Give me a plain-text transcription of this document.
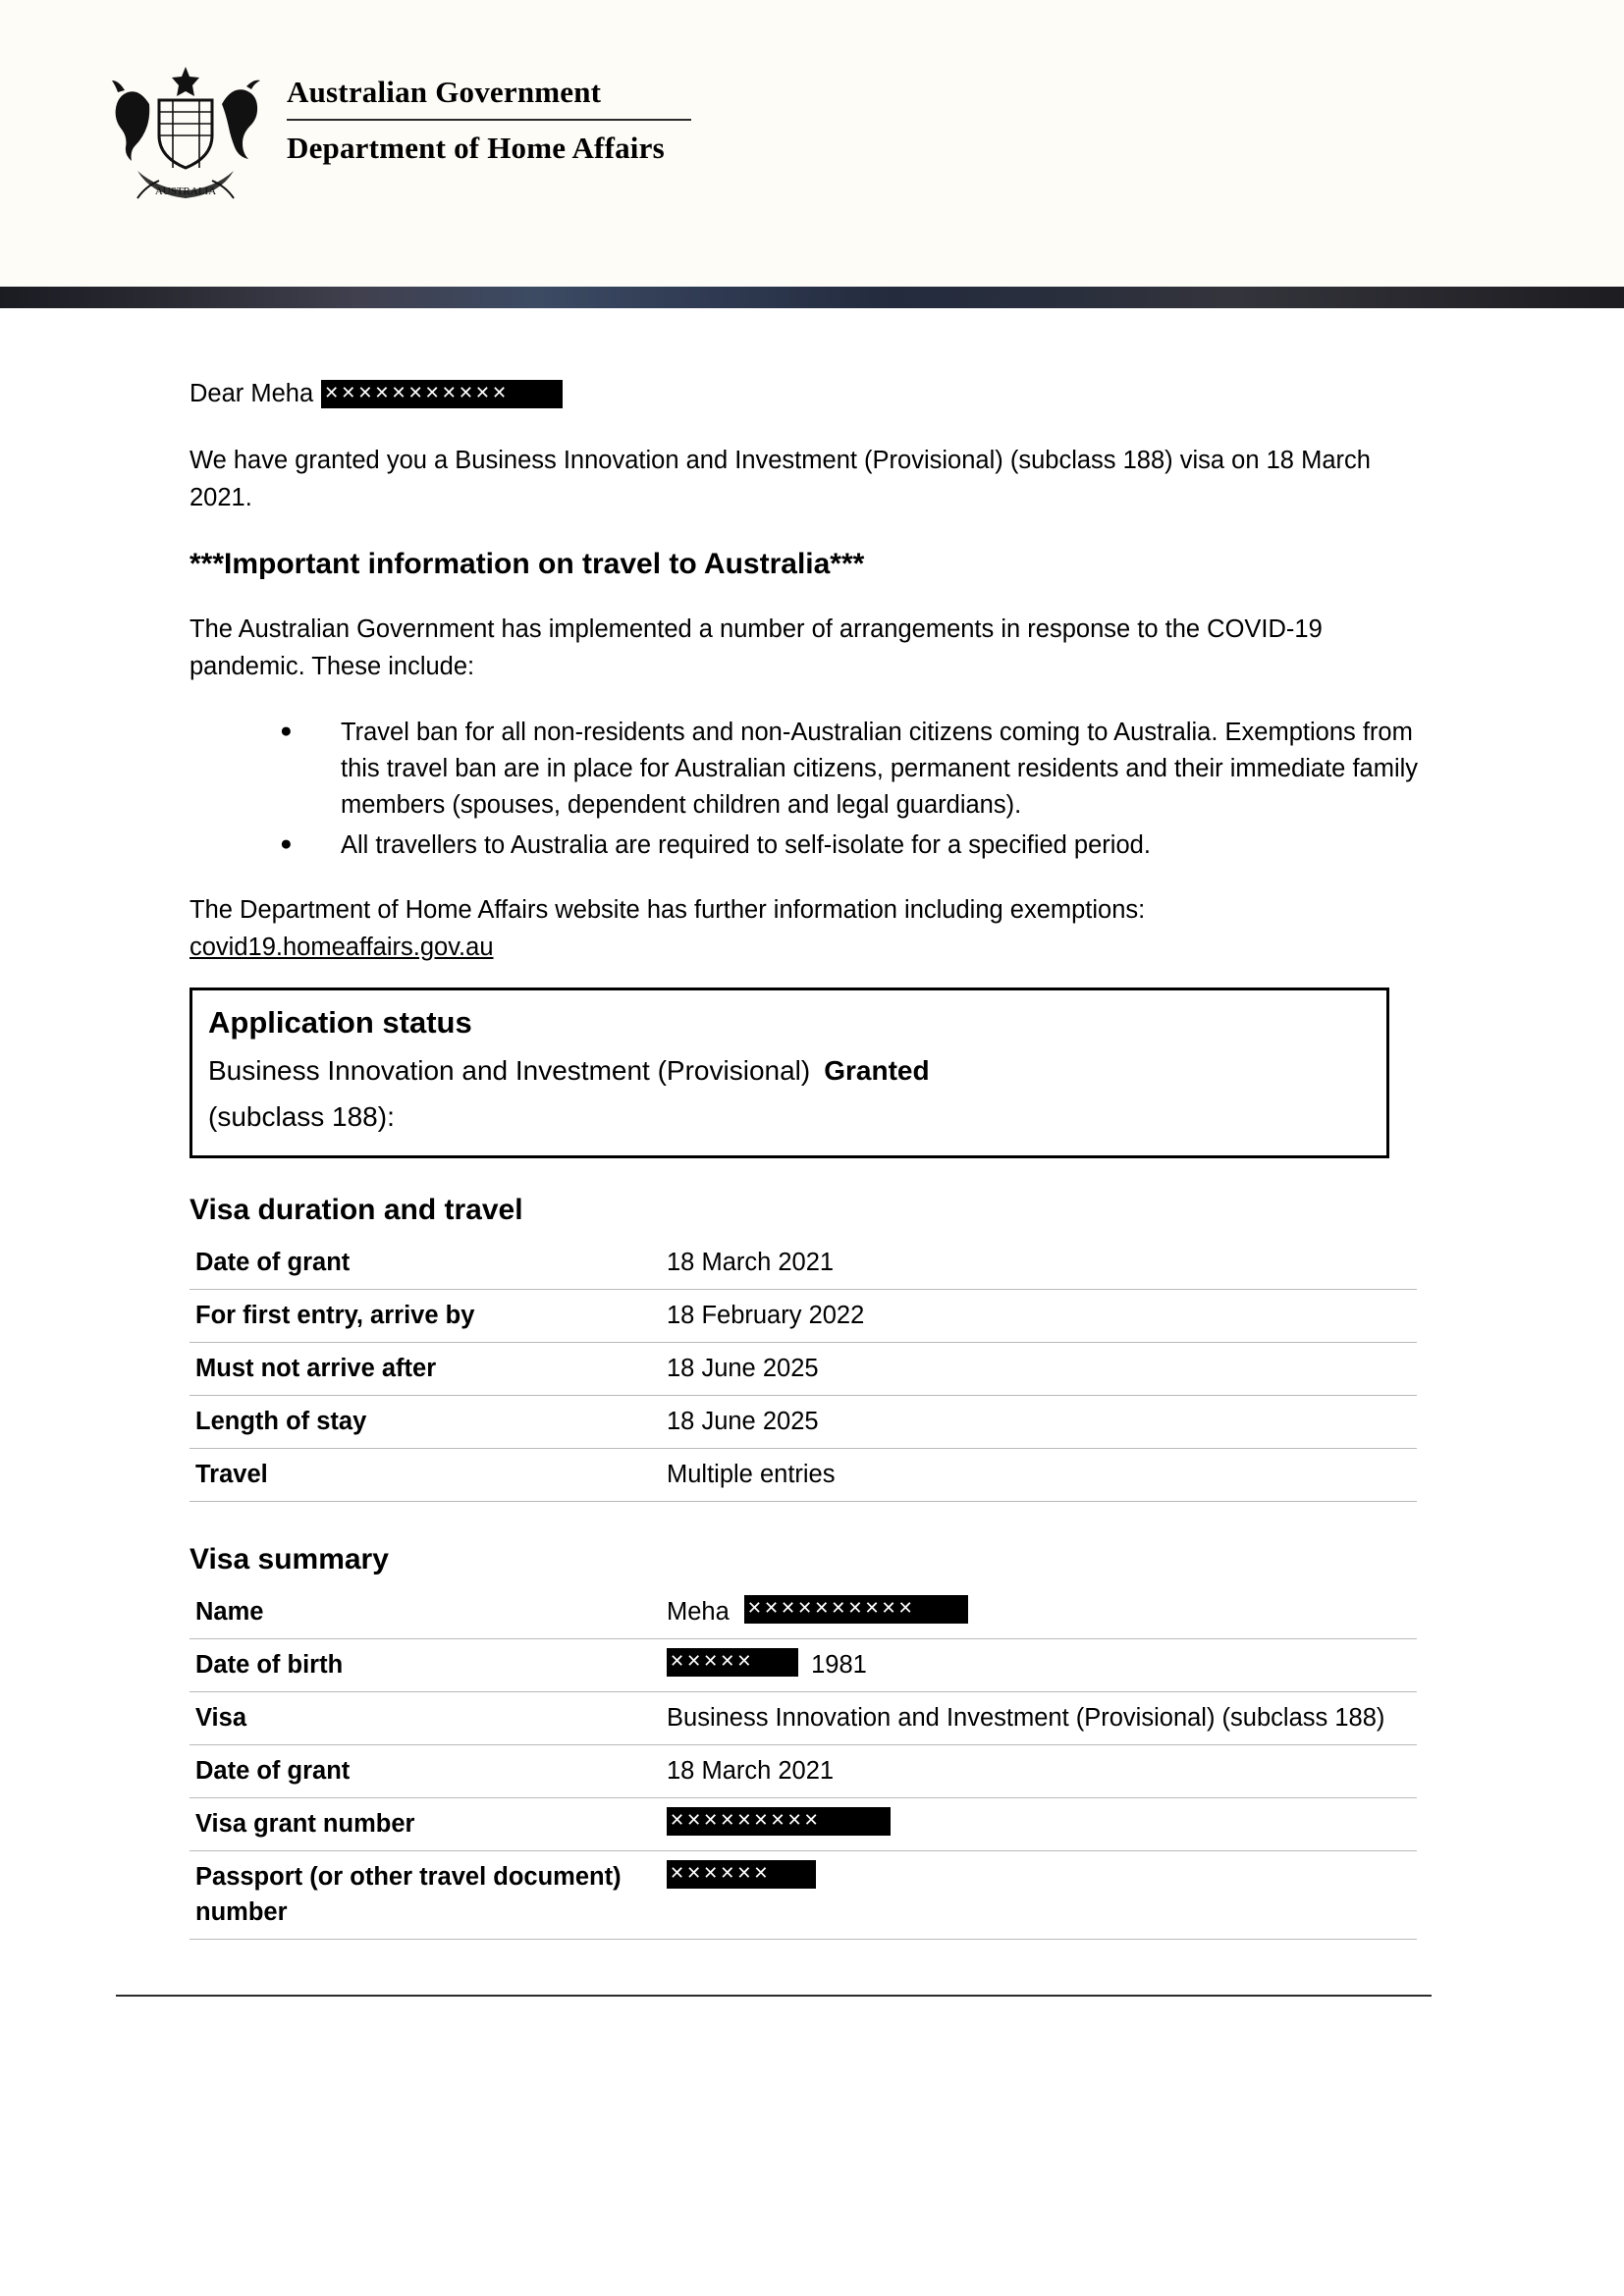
AUSTRALIA
Australian Government
Department of Home Affairs
Dear Meha ✕✕✕✕✕✕✕✕✕✕✕

We have granted you a Business Innovation and Investment (Provisional) (subclass 188) visa on 18 March 2021.

***Important information on travel to Australia***

The Australian Government has implemented a number of arrangements in response to the COVID-19 pandemic. These include:

● Travel ban for all non-residents and non-Australian citizens coming to Australia. Exemptions from this travel ban are in place for Australian citizens, permanent residents and their immediate family members (spouses, dependent children and legal guardians).
● All travellers to Australia are required to self-isolate for a specified period.

The Department of Home Affairs website has further information including exemptions:
covid19.homeaffairs.gov.au

Application status
Business Innovation and Investment (Provisional) Granted
(subclass 188):
Visa duration and travel
Date of grant	18 March 2021
For first entry, arrive by	18 February 2022
Must not arrive after	18 June 2025
Length of stay	18 June 2025
Travel	Multiple entries
Visa summary
Name	Meha ✕✕✕✕✕✕✕✕✕✕
Date of birth	✕✕✕✕✕ 1981
Visa	Business Innovation and Investment (Provisional) (subclass 188)
Date of grant	18 March 2021
Visa grant number	✕✕✕✕✕✕✕✕✕
Passport (or other travel document) number	✕✕✕✕✕✕
